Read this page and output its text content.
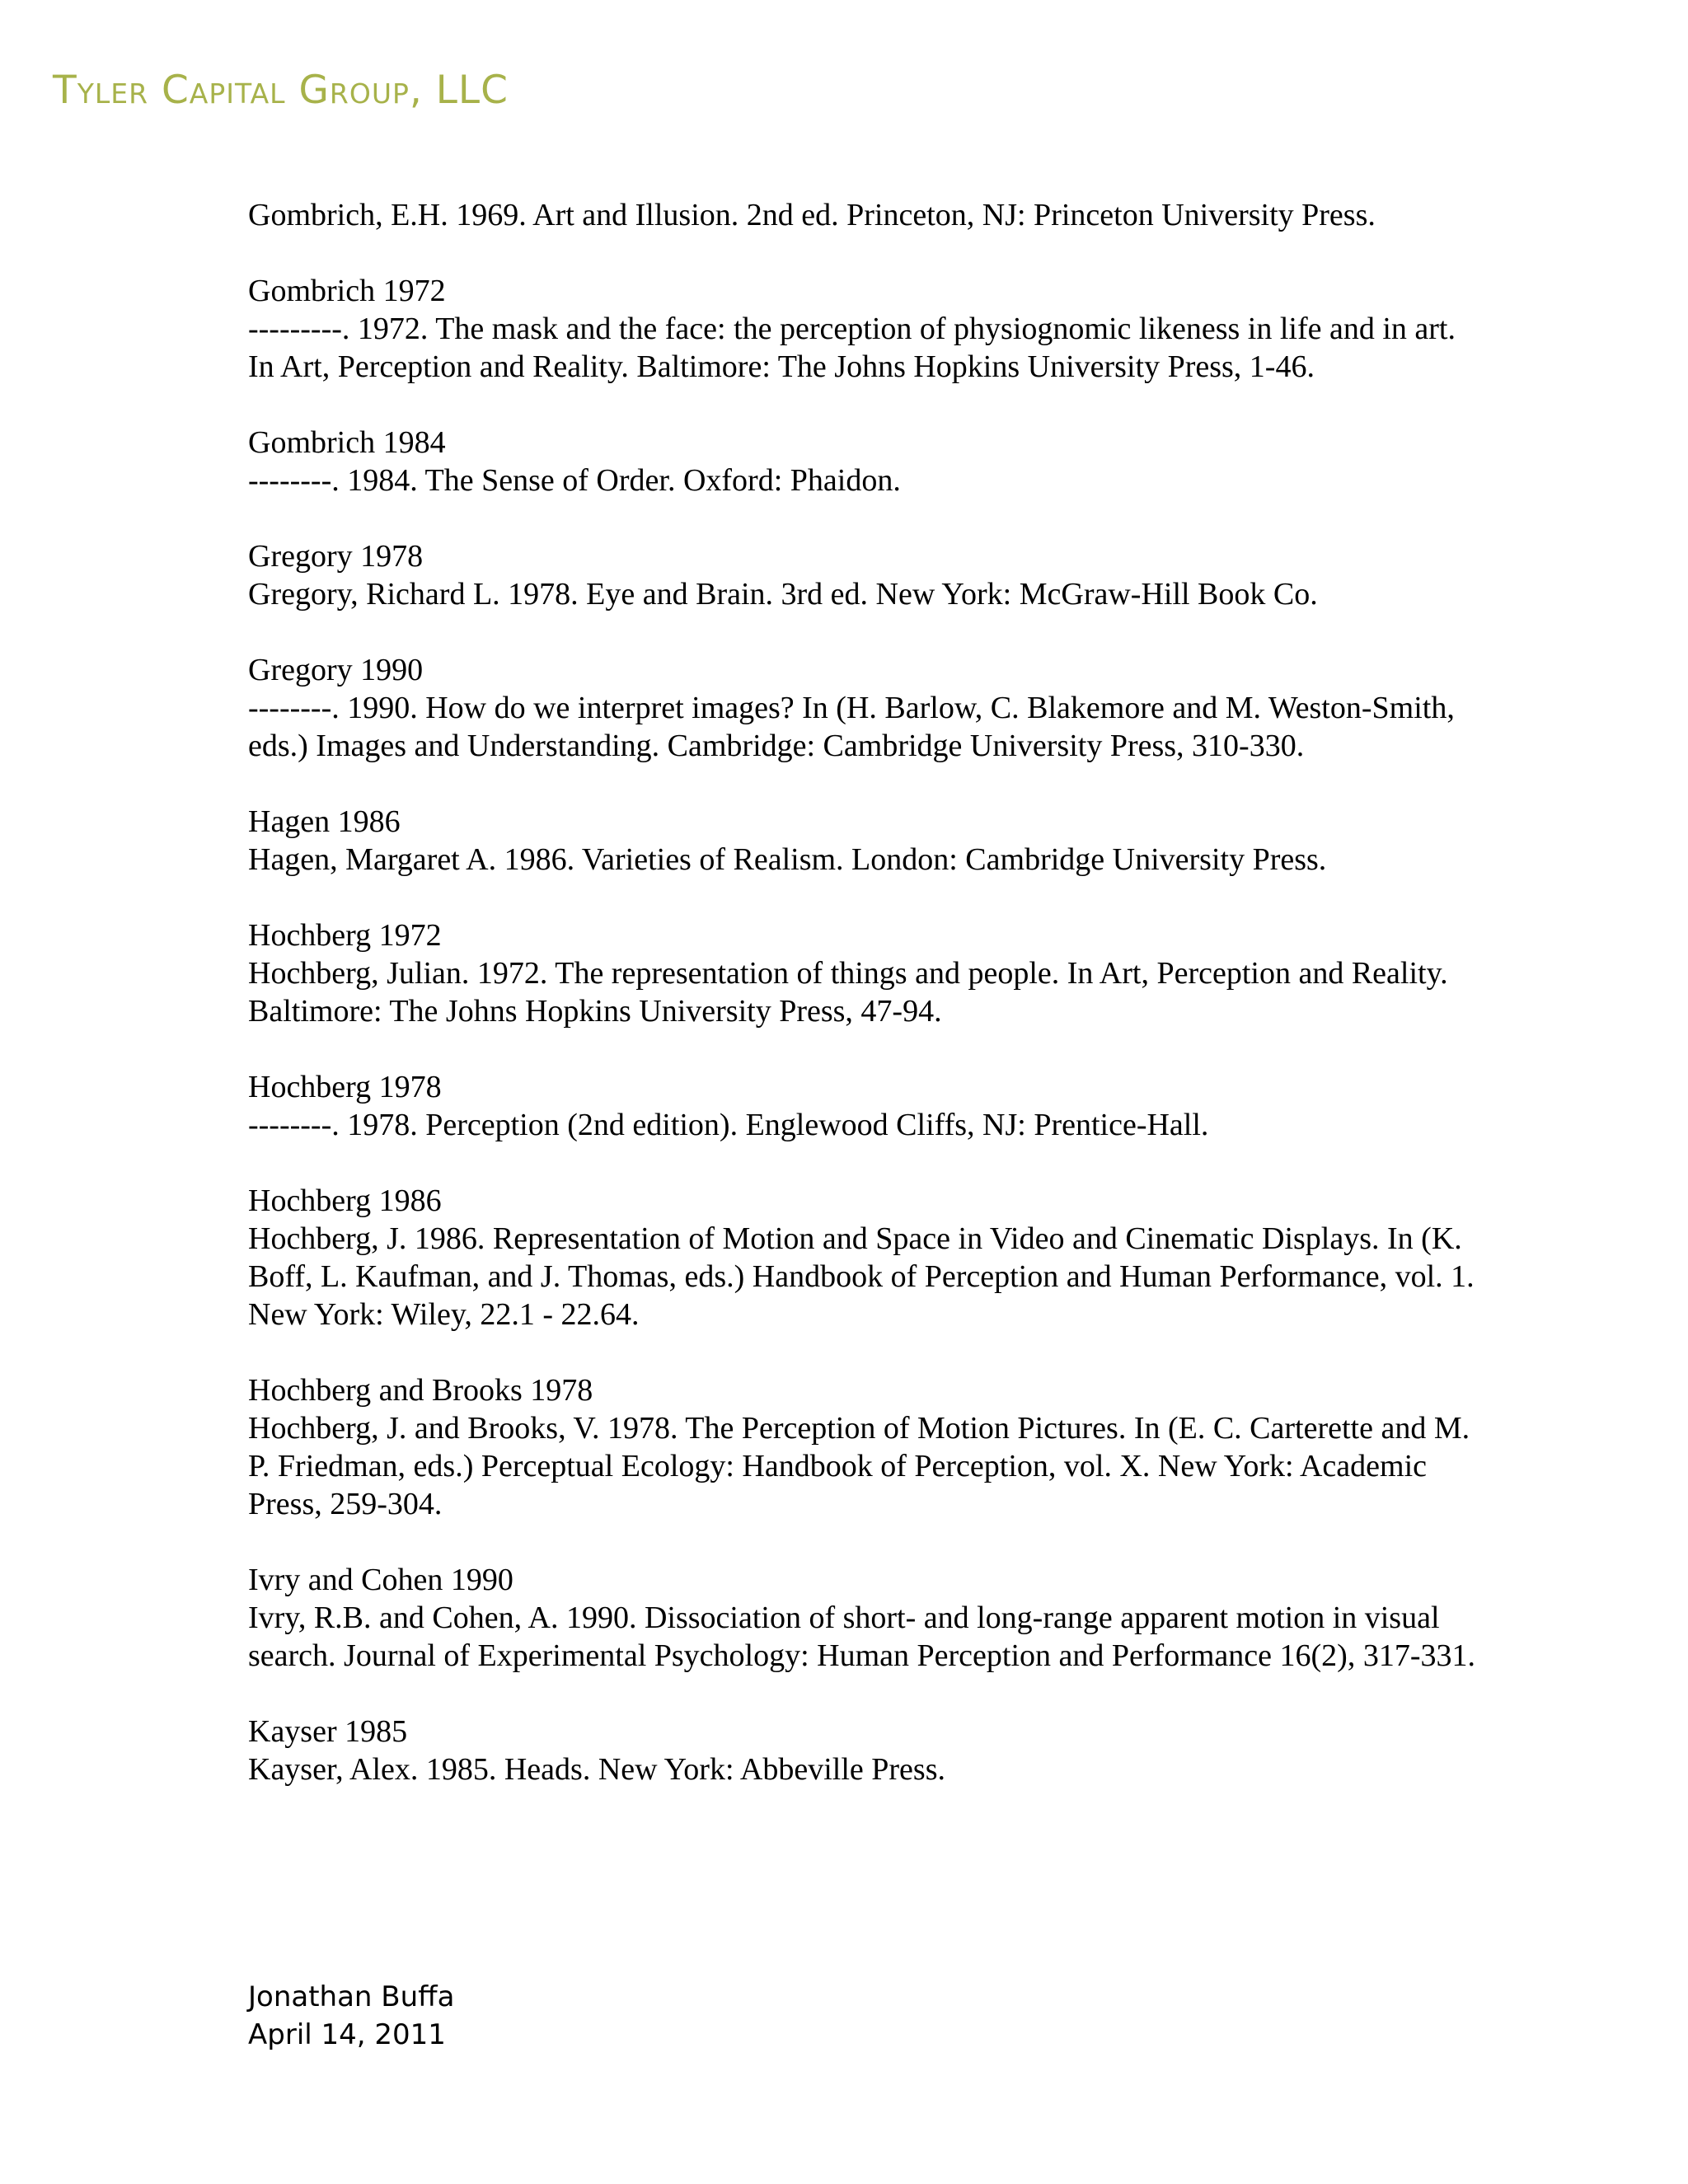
Tyler Capital Group, LLC
Gombrich, E.H. 1969. Art and Illusion. 2nd ed. Princeton, NJ: Princeton University Press.
Gombrich 1972
---------. 1972. The mask and the face: the perception of physiognomic likeness in life and in art. In Art, Perception and Reality. Baltimore: The Johns Hopkins University Press, 1-46.
Gombrich 1984
--------. 1984. The Sense of Order. Oxford: Phaidon.
Gregory 1978
Gregory, Richard L. 1978. Eye and Brain. 3rd ed. New York: McGraw-Hill Book Co.
Gregory 1990
--------. 1990. How do we interpret images? In (H. Barlow, C. Blakemore and M. Weston-Smith, eds.) Images and Understanding. Cambridge: Cambridge University Press, 310-330.
Hagen 1986
Hagen, Margaret A. 1986. Varieties of Realism. London: Cambridge University Press.
Hochberg 1972
Hochberg, Julian. 1972. The representation of things and people. In Art, Perception and Reality. Baltimore: The Johns Hopkins University Press, 47-94.
Hochberg 1978
--------. 1978. Perception (2nd edition). Englewood Cliffs, NJ: Prentice-Hall.
Hochberg 1986
Hochberg, J. 1986. Representation of Motion and Space in Video and Cinematic Displays. In (K. Boff, L. Kaufman, and J. Thomas, eds.) Handbook of Perception and Human Performance, vol. 1. New York: Wiley, 22.1 - 22.64.
Hochberg and Brooks 1978
Hochberg, J. and Brooks, V. 1978. The Perception of Motion Pictures. In (E. C. Carterette and M. P. Friedman, eds.) Perceptual Ecology: Handbook of Perception, vol. X. New York: Academic Press, 259-304.
Ivry and Cohen 1990
Ivry, R.B. and Cohen, A. 1990. Dissociation of short- and long-range apparent motion in visual search. Journal of Experimental Psychology: Human Perception and Performance 16(2), 317-331.
Kayser 1985
Kayser, Alex. 1985. Heads. New York: Abbeville Press.
Jonathan Buffa
April 14, 2011
